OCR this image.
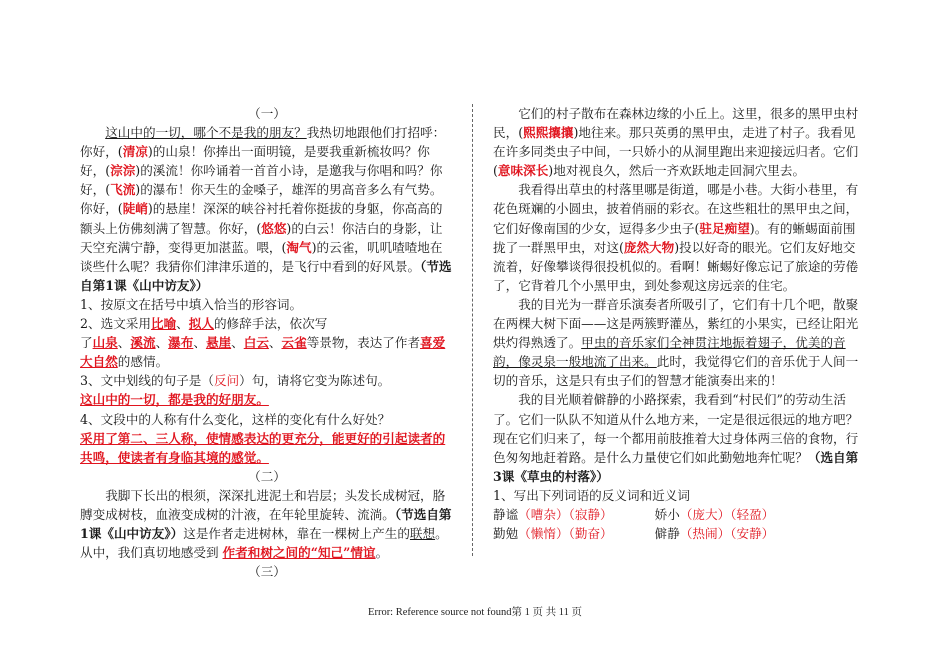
（一）

这山中的一切，哪个不是我的朋友？我热切地跟他们打招呼：你好，(清凉)的山泉！你捧出一面明镜，是要我重新梳妆吗？你好，(淙淙)的溪流！你吟诵着一首首小诗，是邀我与你唱和吗？你好，(飞流)的瀑布！你天生的金嗓子，雄浑的男高音多么有气势。你好，(陡峭)的悬崖！深深的峡谷衬托着你挺拔的身躯，你高高的额头上仿佛刻满了智慧。你好，(悠悠)的白云！你洁白的身影，让天空充满宁静，变得更加湛蓝。喂，(淘气)的云雀，叽叽喳喳地在谈些什么呢？我猜你们津津乐道的，是飞行中看到的好风景。（节选自第1课《山中访友》）

1、按原文在括号中填入恰当的形容词。

2、选文采用比喻、拟人的修辞手法，依次写
了山泉、溪流、瀑布、悬崖、白云、云雀等景物，表达了作者喜爱大自然的感情。

3、文中划线的句子是（反问）句，请将它变为陈述句。

这山中的一切，都是我的好朋友。

4、文段中的人称有什么变化，这样的变化有什么好处？

采用了第二、三人称，使情感表达的更充分，能更好的引起读者的共鸣，使读者有身临其境的感觉。

（二）

我脚下长出的根须，深深扎进泥土和岩层；头发长成树冠，胳膊变成树枝，血液变成树的汁液，在年轮里旋转、流淌。（节选自第1课《山中访友》）这是作者走进树林，靠在一棵树上产生的联想。从中，我们真切地感受到 作者和树之间的“知己”情谊。

（三）

它们的村子散布在森林边缘的小丘上。这里，很多的黑甲虫村民，(熙熙攘攘)地往来。那只英勇的黑甲虫，走进了村子。我看见在许多同类虫子中间，一只娇小的从洞里跑出来迎接远归者。它们(意味深长)地对视良久，然后一齐欢跃地走回洞穴里去。

我看得出草虫的村落里哪是街道，哪是小巷。大街小巷里，有花色斑斓的小圆虫，披着俏丽的彩衣。在这些粗壮的黑甲虫之间，它们好像南国的少女，逗得多少虫子(驻足痴望)。有的蜥蜴面前围拢了一群黑甲虫，对这(庞然大物)投以好奇的眼光。它们友好地交流着，好像攀谈得很投机似的。看啊！蜥蜴好像忘记了旅途的劳倦了，它背着几个小黑甲虫，到处参观这房远亲的住宅。

我的目光为一群音乐演奏者所吸引了，它们有十几个吧，散聚在两棵大树下面——这是两簇野灌丛，紫红的小果实，已经让阳光烘灼得熟透了。甲虫的音乐家们全神贯注地振着翅子，优美的音韵，像灵泉一般地流了出来。此时，我觉得它们的音乐优于人间一切的音乐，这是只有虫子们的智慧才能演奏出来的！

我的目光顺着僻静的小路探索，我看到“村民们”的劳动生活了。它们一队队不知道从什么地方来，一定是很远很远的地方吧？现在它们归来了，每一个都用前肢推着大过身体两三倍的食物，行色匆匆地赶着路。是什么力量使它们如此勤勉地奔忙呢？（选自第3课《草虫的村落》）

1、写出下列词语的反义词和近义词

静谧（嘈杂）（寂静）	娇小（庞大）（轻盈）

勤勉（懒惰）（勤奋）	僻静（热闹）（安静）

Error: Reference source not found第 1 页 共 11 页
